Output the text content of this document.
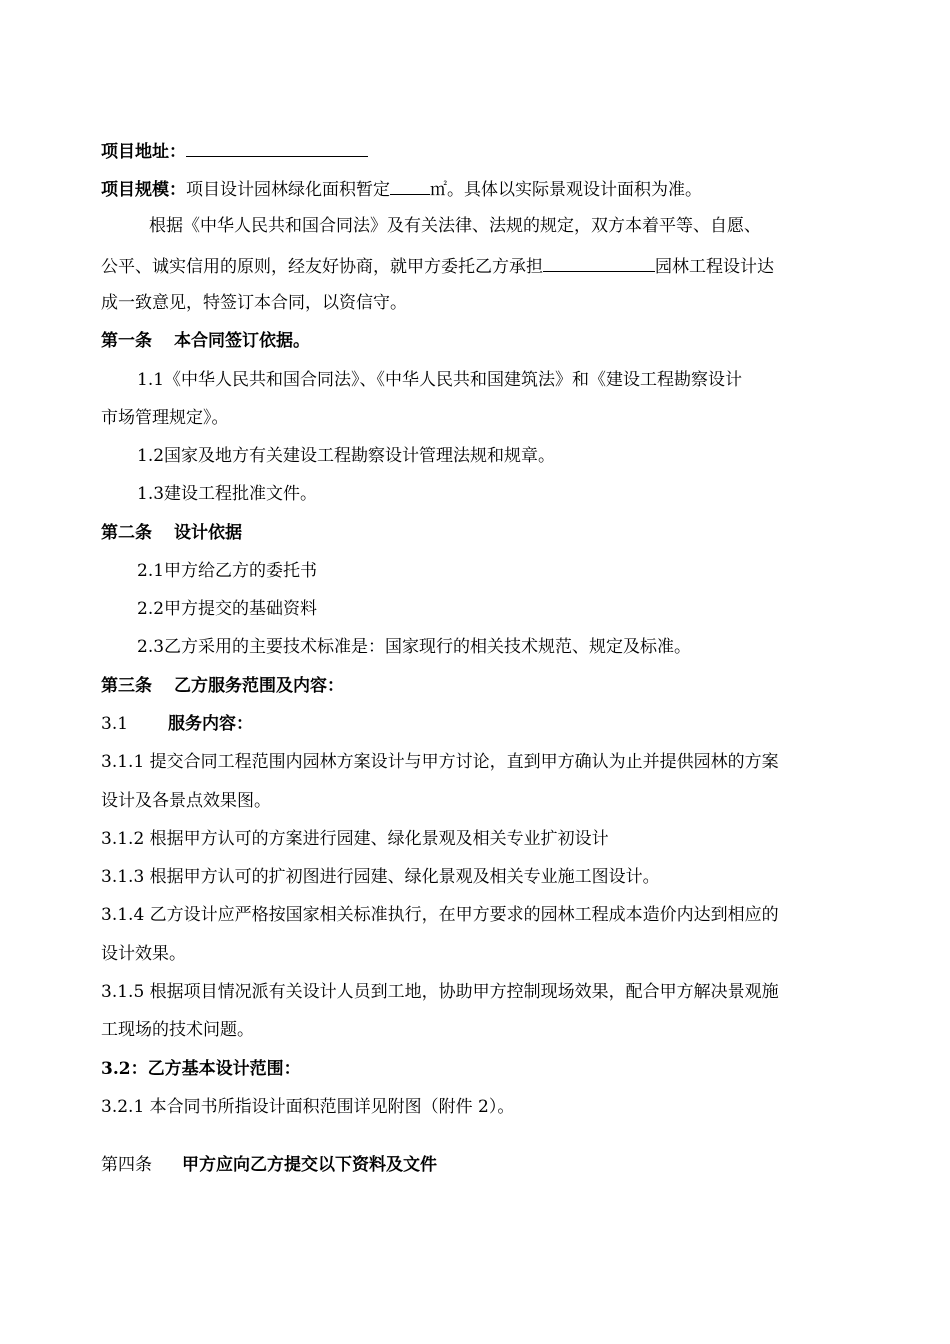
项目地址：
项目规模：项目设计园林绿化面积暂定 ㎡。具体以实际景观设计面积为准。
根据《中华人民共和国合同法》及有关法律、法规的规定，双方本着平等、自愿、
公平、诚实信用的原则，经友好协商，就甲方委托乙方承担	园林工程设计达
成一致意见，特签订本合同，以资信守。
第一条 本合同签订依据。
1.1《中华人民共和国合同法》、《中华人民共和国建筑法》和《建设工程勘察设计
市场管理规定》。
1.2国家及地方有关建设工程勘察设计管理法规和规章。
1.3建设工程批准文件。
第二条 设计依据
2.1甲方给乙方的委托书
2.2甲方提交的基础资料
2.3乙方采用的主要技术标准是：国家现行的相关技术规范、规定及标准。
第三条 乙方服务范围及内容：
3.1 服务内容：
3.1.1 提交合同工程范围内园林方案设计与甲方讨论，直到甲方确认为止并提供园林的方案
设计及各景点效果图。
3.1.2 根据甲方认可的方案进行园建、绿化景观及相关专业扩初设计
3.1.3 根据甲方认可的扩初图进行园建、绿化景观及相关专业施工图设计。
3.1.4 乙方设计应严格按国家相关标准执行，在甲方要求的园林工程成本造价内达到相应的
设计效果。
3.1.5 根据项目情况派有关设计人员到工地，协助甲方控制现场效果，配合甲方解决景观施
工现场的技术问题。
3.2：乙方基本设计范围：
3.2.1 本合同书所指设计面积范围详见附图（附件 2）。
第四条 甲方应向乙方提交以下资料及文件
